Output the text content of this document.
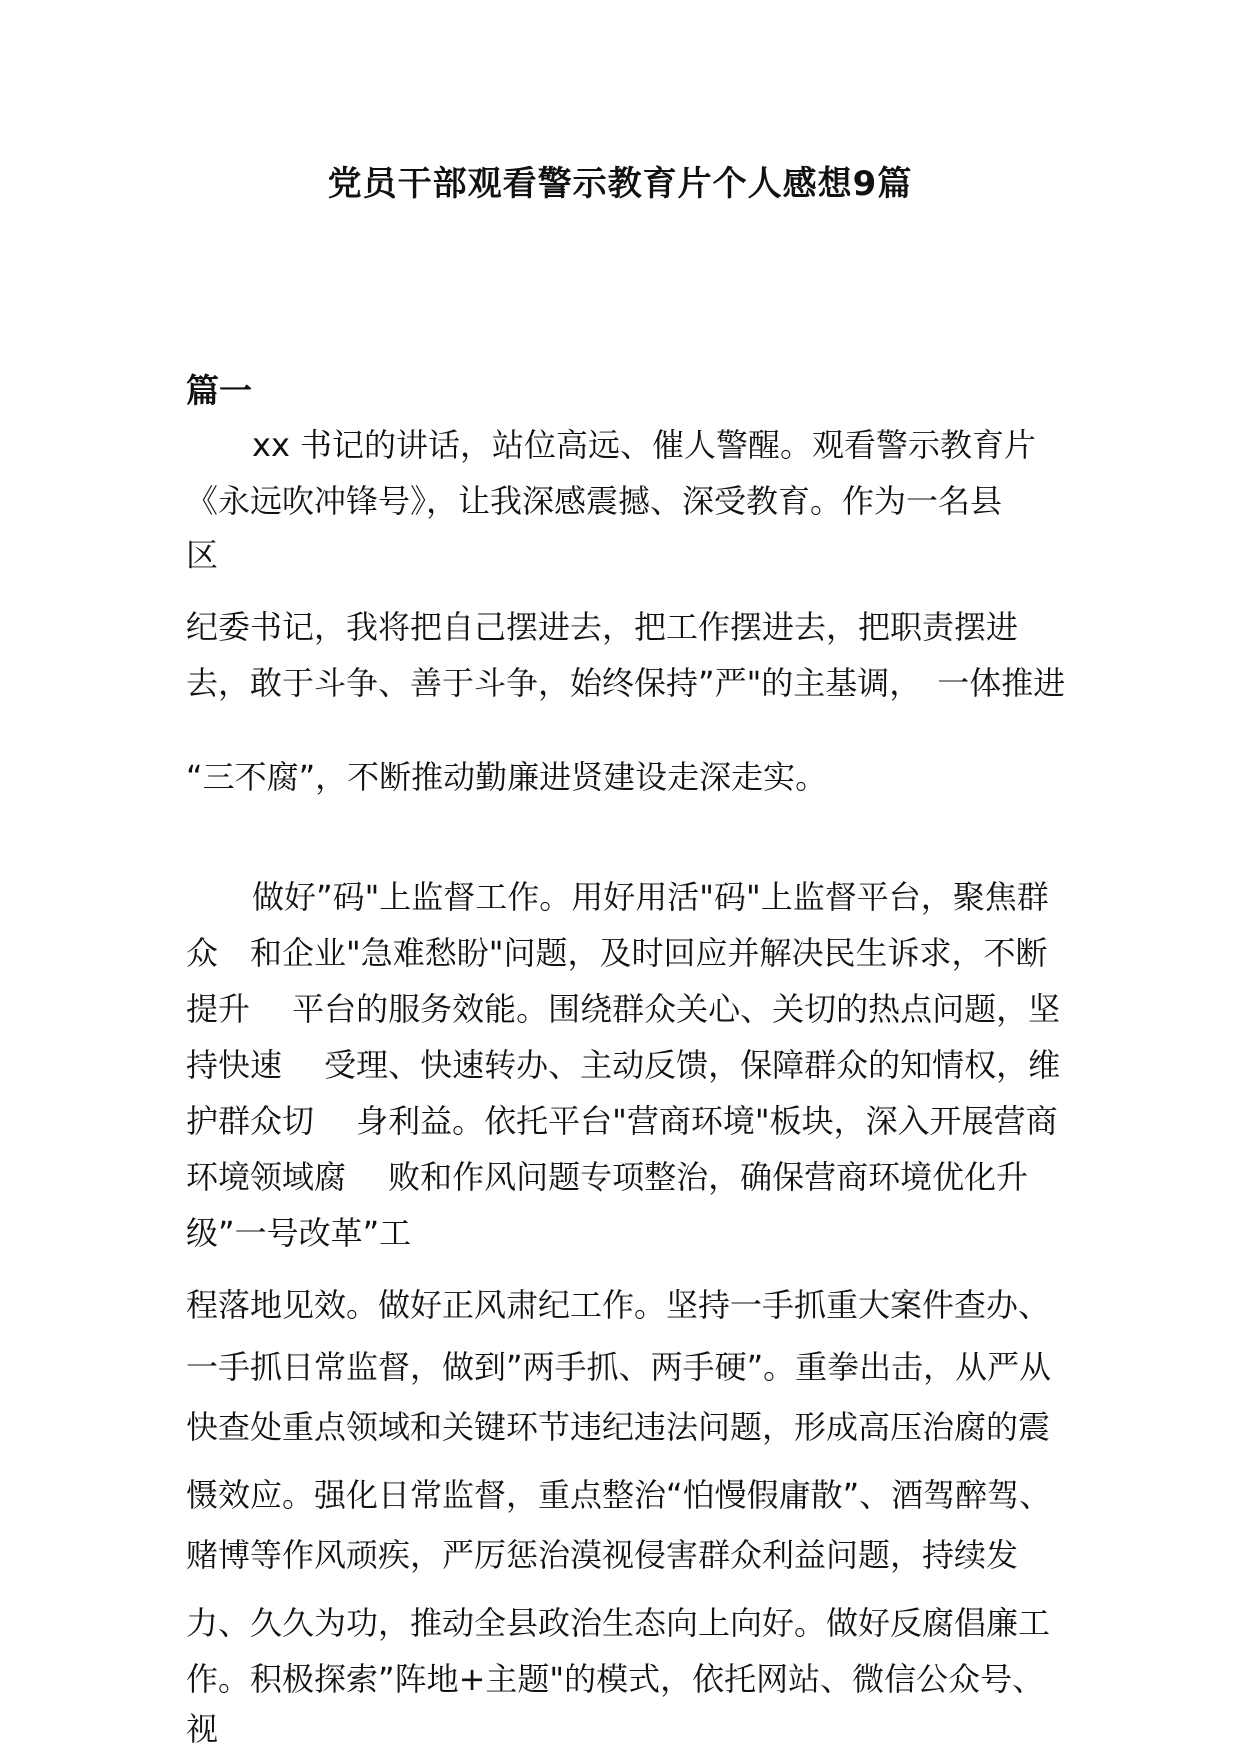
党员干部观看警示教育片个人感想9篇
篇一
xx 书记的讲话，站位高远、催人警醒。观看警示教育片
《永远吹冲锋号》，让我深感震撼、深受教育。作为一名县
区
纪委书记，我将把自己摆进去，把工作摆进去，把职责摆进
去，敢于斗争、善于斗争，始终保持”严"的主基调，　一体推进
“三不腐”，不断推动勤廉进贤建设走深走实。
做好”码"上监督工作。用好用活"码"上监督平台，聚焦群
众　和企业"急难愁盼"问题，及时回应并解决民生诉求，不断
提升　 平台的服务效能。围绕群众关心、关切的热点问题，坚
持快速　 受理、快速转办、主动反馈，保障群众的知情权，维
护群众切　 身利益。依托平台"营商环境"板块，深入开展营商
环境领域腐　 败和作风问题专项整治，确保营商环境优化升
级”一号改革”工
程落地见效。做好正风肃纪工作。坚持一手抓重大案件查办、
一手抓日常监督，做到”两手抓、两手硬”。重拳出击，从严从
快查处重点领域和关键环节违纪违法问题，形成高压治腐的震
慑效应。强化日常监督，重点整治“怕慢假庸散”、酒驾醉驾、
赌博等作风顽疾，严厉惩治漠视侵害群众利益问题，持续发
力、久久为功，推动全县政治生态向上向好。做好反腐倡廉工
作。积极探索”阵地+主题"的模式，依托网站、微信公众号、
视
